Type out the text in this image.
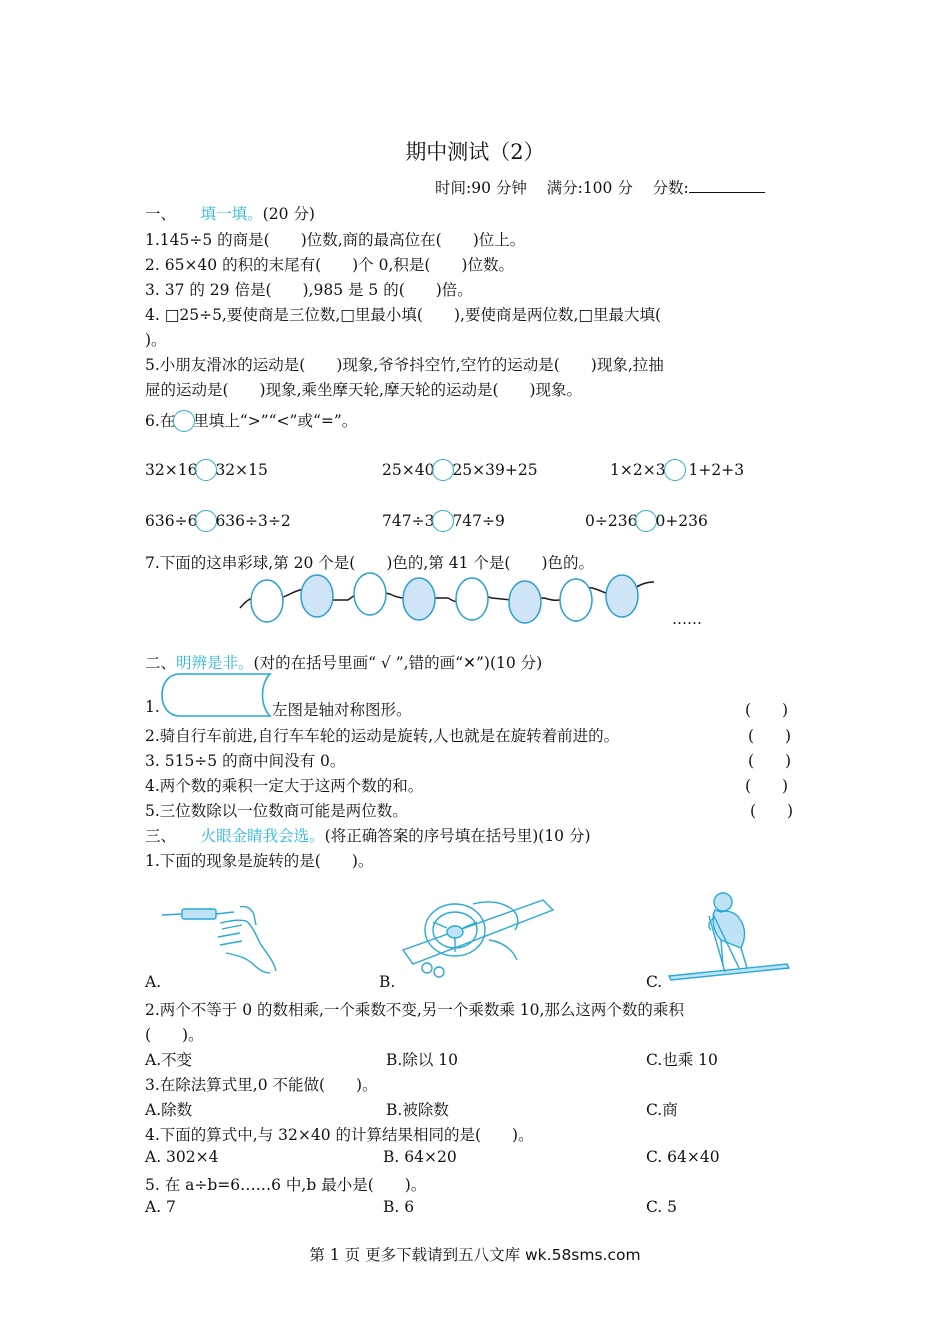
期中测试（2）
时间:90 分钟 满分:100 分 分数:
一、 填一填。(20 分)
1.145÷5 的商是(　　)位数,商的最高位在(　　)位上。
2. 65×40 的积的末尾有(　　)个 0,积是(　　)位数。
3. 37 的 29 倍是(　　),985 是 5 的(　　)倍。
4. □25÷5,要使商是三位数,□里最小填(　　),要使商是两位数,□里最大填(
)。
5.小朋友滑冰的运动是(　　)现象,爷爷抖空竹,空竹的运动是(　　)现象,拉抽
屉的运动是(　　)现象,乘坐摩天轮,摩天轮的运动是(　　)现象。
6.在 里填上“>”“<”或“=”。
32×16 32×15	25×40 25×39+25	1×2×3 1+2+3
636÷6 636÷3÷2	747÷3 747÷9	0÷236 0+236
7.下面的这串彩球,第 20 个是(　　)色的,第 41 个是(　　)色的。
……
二、明辨是非。(对的在括号里画“ √ ”,错的画“✕”)(10 分)
1.	左图是轴对称图形。	(　　)
2.骑自行车前进,自行车车轮的运动是旋转,人也就是在旋转着前进的。	(　　)
3. 515÷5 的商中间没有 0。	(　　)
4.两个数的乘积一定大于这两个数的和。	(　　)
5.三位数除以一位数商可能是两位数。	(　　)
三、 火眼金睛我会选。(将正确答案的序号填在括号里)(10 分)
1.下面的现象是旋转的是(　　)。
A.	B.	C.
2.两个不等于 0 的数相乘,一个乘数不变,另一个乘数乘 10,那么这两个数的乘积
(　　)。
A.不变	B.除以 10	C.也乘 10
3.在除法算式里,0 不能做(　　)。
A.除数	B.被除数	C.商
4.下面的算式中,与 32×40 的计算结果相同的是(　　)。
A. 302×4	B. 64×20	C. 64×40
5. 在 a÷b=6……6 中,b 最小是(　　)。
A. 7	B. 6	C. 5
第 1 页 更多下载请到五八文库 wk.58sms.com
